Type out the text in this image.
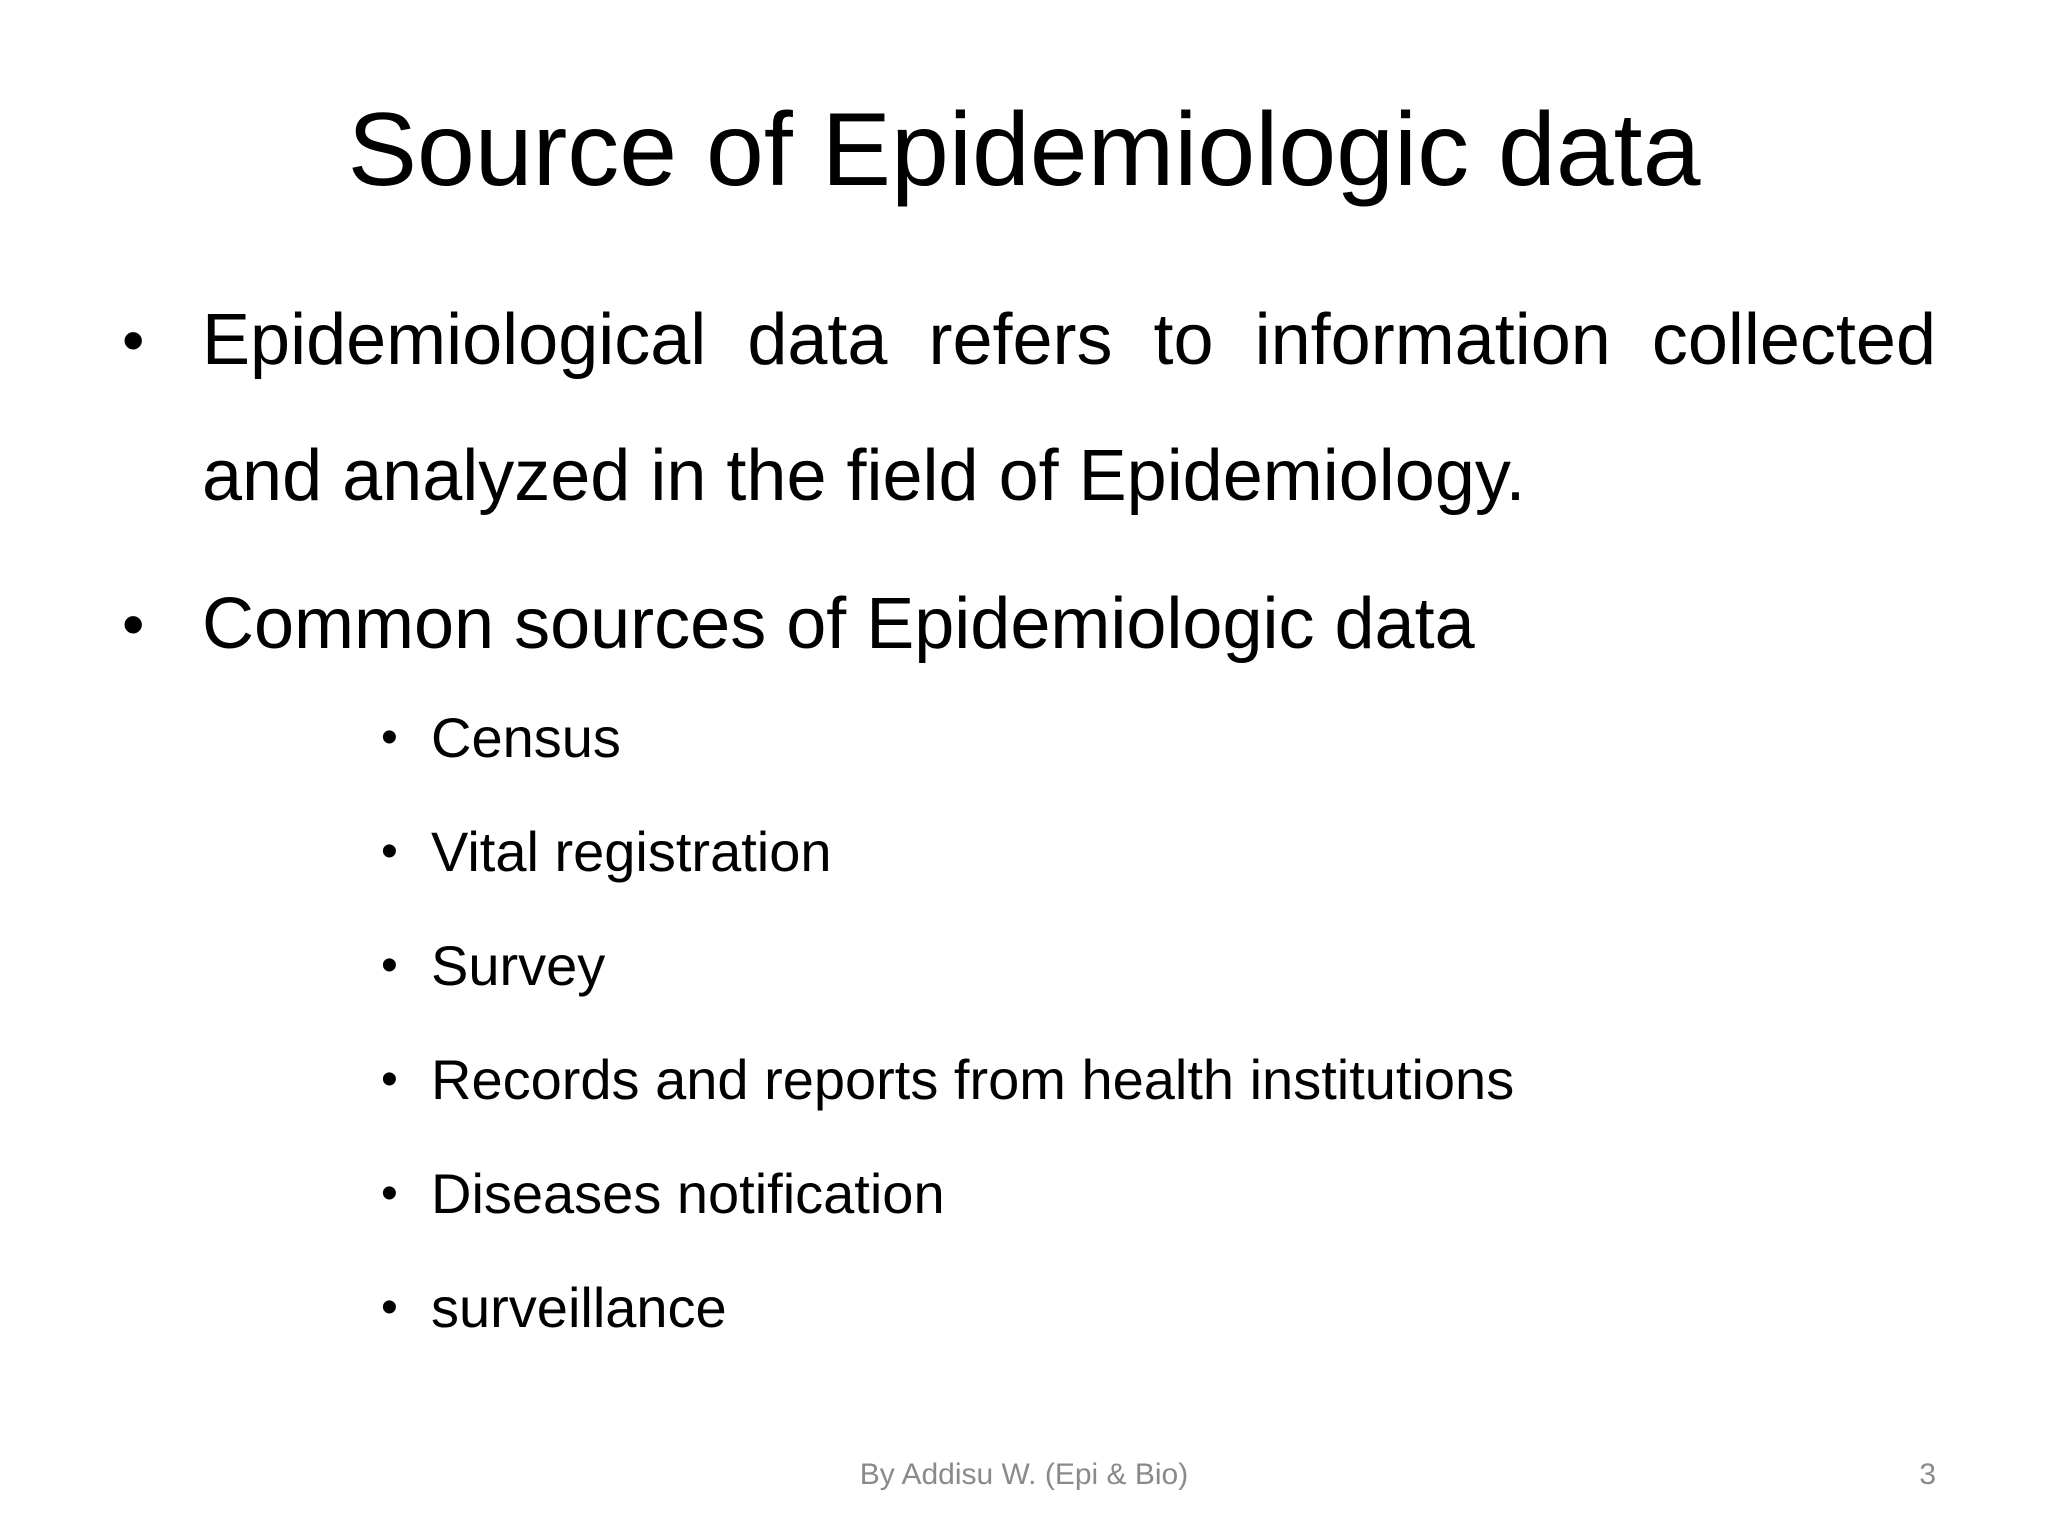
Source of Epidemiologic data
• Epidemiological data refers to information collected and analyzed in the field of Epidemiology.
• Common sources of Epidemiologic data
• Census
• Vital registration
• Survey
• Records and reports from health institutions
• Diseases notification
• surveillance
By Addisu W. (Epi & Bio)	3
